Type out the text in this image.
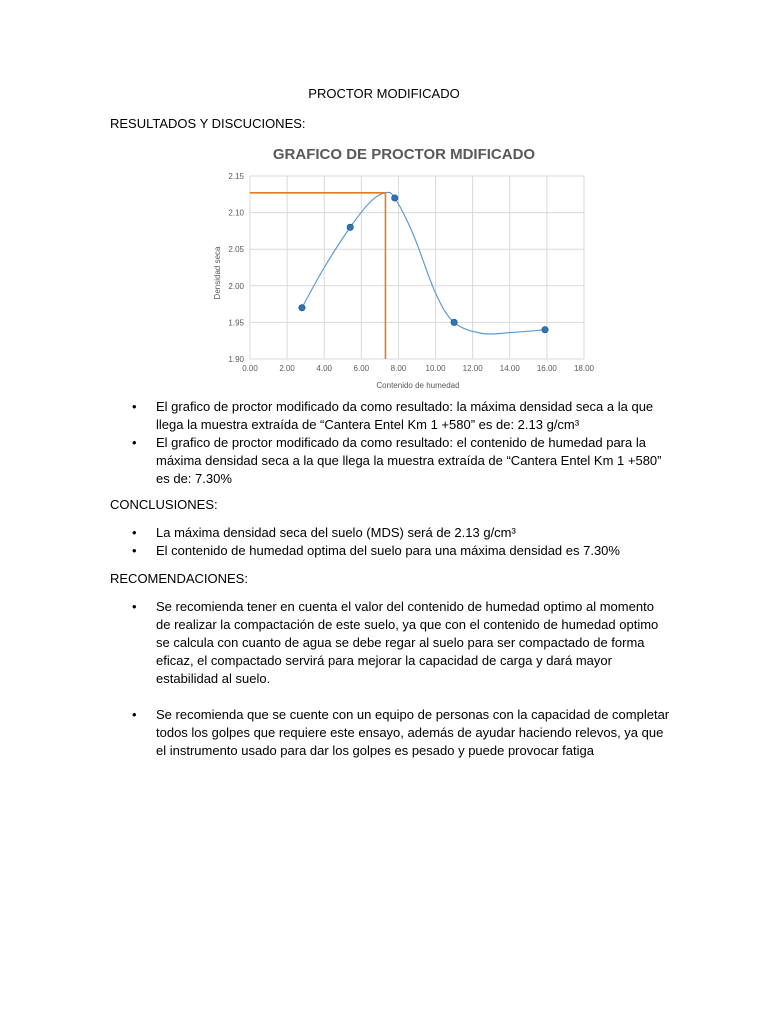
PROCTOR MODIFICADO
RESULTADOS Y DISCUCIONES:
GRAFICO DE PROCTOR MDIFICADO
1.90
1.95
2.00
2.05
2.10
2.15
0.00	2.00	4.00	6.00	8.00 10.00 12.00 14.00 16.00 18.00
Contenido de humedad
Densidad seca
• El grafico de proctor modificado da como resultado: la máxima densidad seca a la que llega la muestra extraída de “Cantera Entel Km 1 +580” es de: 2.13 g/cm³
• El grafico de proctor modificado da como resultado: el contenido de humedad para la máxima densidad seca a la que llega la muestra extraída de “Cantera Entel Km 1 +580” es de: 7.30%
CONCLUSIONES:
• La máxima densidad seca del suelo (MDS) será de 2.13 g/cm³
• El contenido de humedad optima del suelo para una máxima densidad es 7.30%
RECOMENDACIONES:
• Se recomienda tener en cuenta el valor del contenido de humedad optimo al momento de realizar la compactación de este suelo, ya que con el contenido de humedad optimo se calcula con cuanto de agua se debe regar al suelo para ser compactado de forma eficaz, el compactado servirá para mejorar la capacidad de carga y dará mayor estabilidad al suelo.
• Se recomienda que se cuente con un equipo de personas con la capacidad de completar todos los golpes que requiere este ensayo, además de ayudar haciendo relevos, ya que el instrumento usado para dar los golpes es pesado y puede provocar fatiga
